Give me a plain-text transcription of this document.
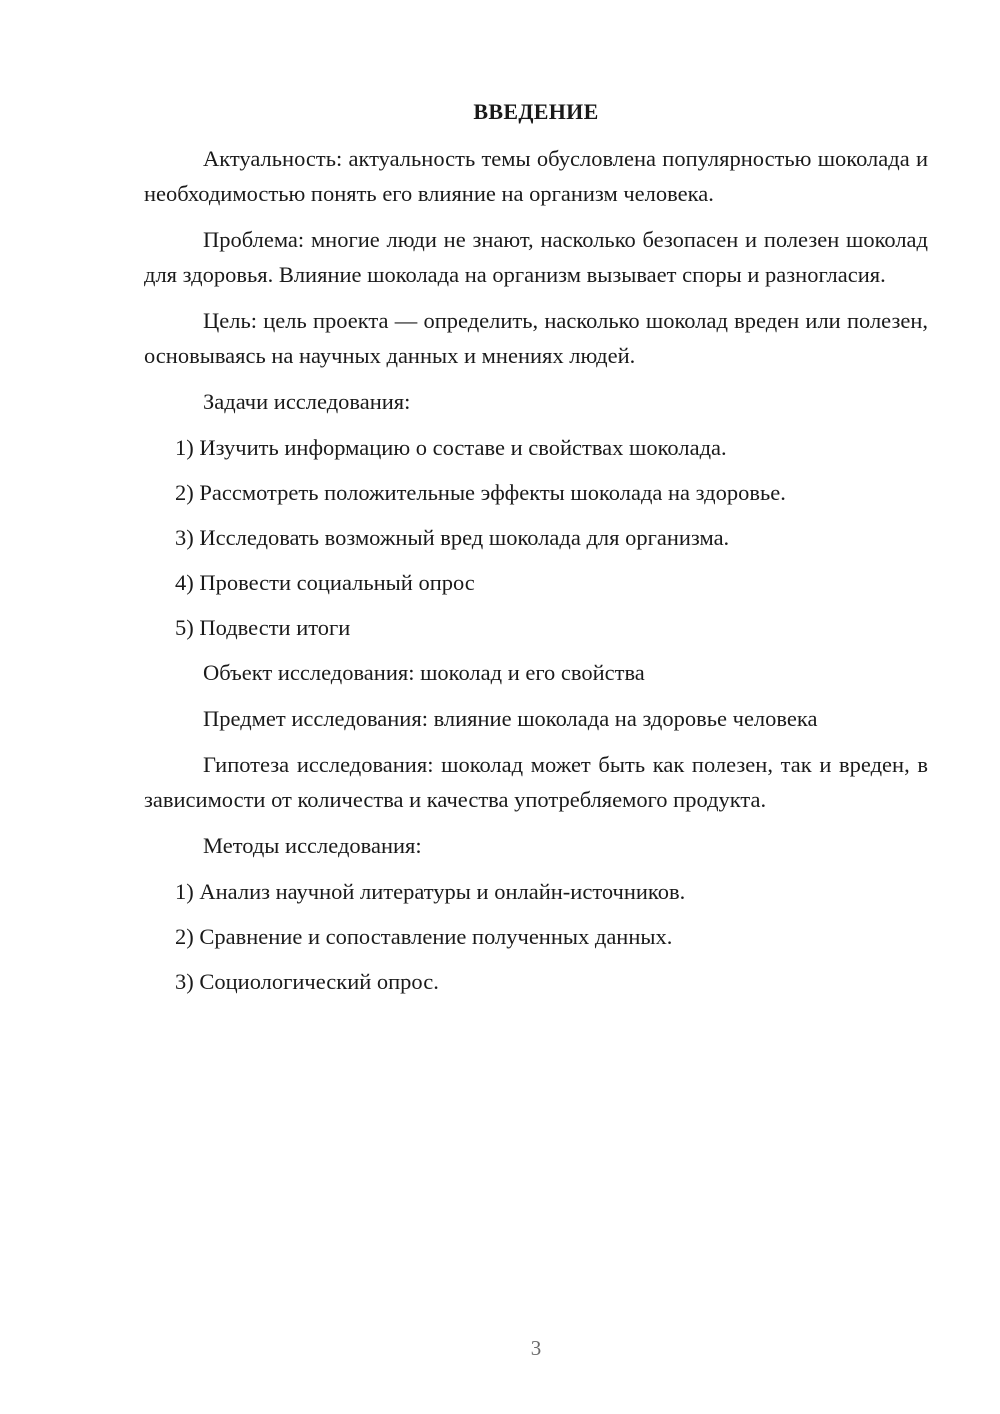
ВВЕДЕНИЕ

Актуальность: актуальность темы обусловлена популярностью шоколада и необходимостью понять его влияние на организм человека.

Проблема: многие люди не знают, насколько безопасен и полезен шоколад для здоровья. Влияние шоколада на организм вызывает споры и разногласия.

Цель: цель проекта — определить, насколько шоколад вреден или полезен, основываясь на научных данных и мнениях людей.

Задачи исследования:

1) Изучить информацию о составе и свойствах шоколада.

2) Рассмотреть положительные эффекты шоколада на здоровье.

3) Исследовать возможный вред шоколада для организма.

4) Провести социальный опрос

5) Подвести итоги

Объект исследования: шоколад и его свойства

Предмет исследования: влияние шоколада на здоровье человека

Гипотеза исследования: шоколад может быть как полезен, так и вреден, в зависимости от количества и качества употребляемого продукта.

Методы исследования:

1) Анализ научной литературы и онлайн-источников.

2) Сравнение и сопоставление полученных данных.

3) Социологический опрос.

3
